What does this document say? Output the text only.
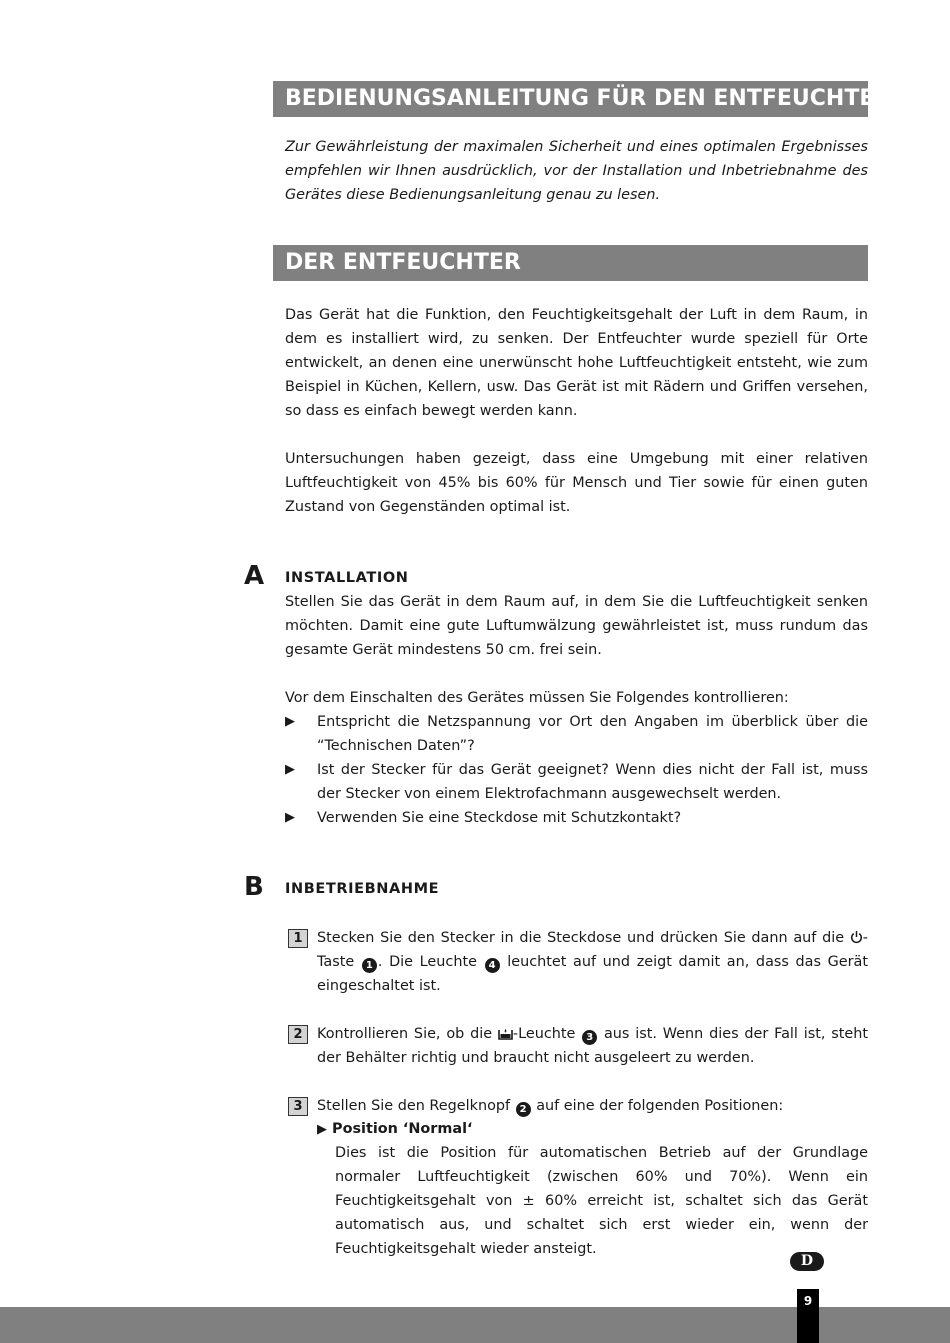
BEDIENUNGSANLEITUNG FÜR DEN ENTFEUCHTER

Zur Gewährleistung der maximalen Sicherheit und eines optimalen Ergebnisses empfehlen wir Ihnen ausdrücklich, vor der Installation und Inbetriebnahme des Gerätes diese Bedienungsanleitung genau zu lesen.

DER ENTFEUCHTER

Das Gerät hat die Funktion, den Feuchtigkeitsgehalt der Luft in dem Raum, in dem es installiert wird, zu senken. Der Entfeuchter wurde speziell für Orte entwickelt, an denen eine unerwünscht hohe Luftfeuchtigkeit entsteht, wie zum Beispiel in Küchen, Kellern, usw. Das Gerät ist mit Rädern und Griffen versehen, so dass es einfach bewegt werden kann.

Untersuchungen haben gezeigt, dass eine Umgebung mit einer relativen Luftfeuchtigkeit von 45% bis 60% für Mensch und Tier sowie für einen guten Zustand von Gegenständen optimal ist.

A INSTALLATION

Stellen Sie das Gerät in dem Raum auf, in dem Sie die Luftfeuchtigkeit senken möchten. Damit eine gute Luftumwälzung gewährleistet ist, muss rundum das gesamte Gerät mindestens 50 cm. frei sein.

Vor dem Einschalten des Gerätes müssen Sie Folgendes kontrollieren:

▶ Entspricht die Netzspannung vor Ort den Angaben im überblick über die “Technischen Daten”?
▶ Ist der Stecker für das Gerät geeignet? Wenn dies nicht der Fall ist, muss der Stecker von einem Elektrofachmann ausgewechselt werden.
▶ Verwenden Sie eine Steckdose mit Schutzkontakt?
B INBETRIEBNAHME
1	Stecken Sie den Stecker in die Steckdose und drücken Sie dann auf die -Taste 1 . Die Leuchte 4 leuchtet auf und zeigt damit an, dass das Gerät eingeschaltet ist.
2	Kontrollieren Sie, ob die -Leuchte 3 aus ist. Wenn dies der Fall ist, steht der Behälter richtig und braucht nicht ausgeleert zu werden.
3	Stellen Sie den Regelknopf 2 auf eine der folgenden Positionen:
▶ Position ‘Normal‘

Dies ist die Position für automatischen Betrieb auf der Grundlage normaler Luftfeuchtigkeit (zwischen 60% und 70%). Wenn ein Feuchtigkeitsgehalt von ± 60% erreicht ist, schaltet sich das Gerät automatisch aus, und schaltet sich erst wieder ein, wenn der Feuchtigkeitsgehalt wieder ansteigt.

D
9
